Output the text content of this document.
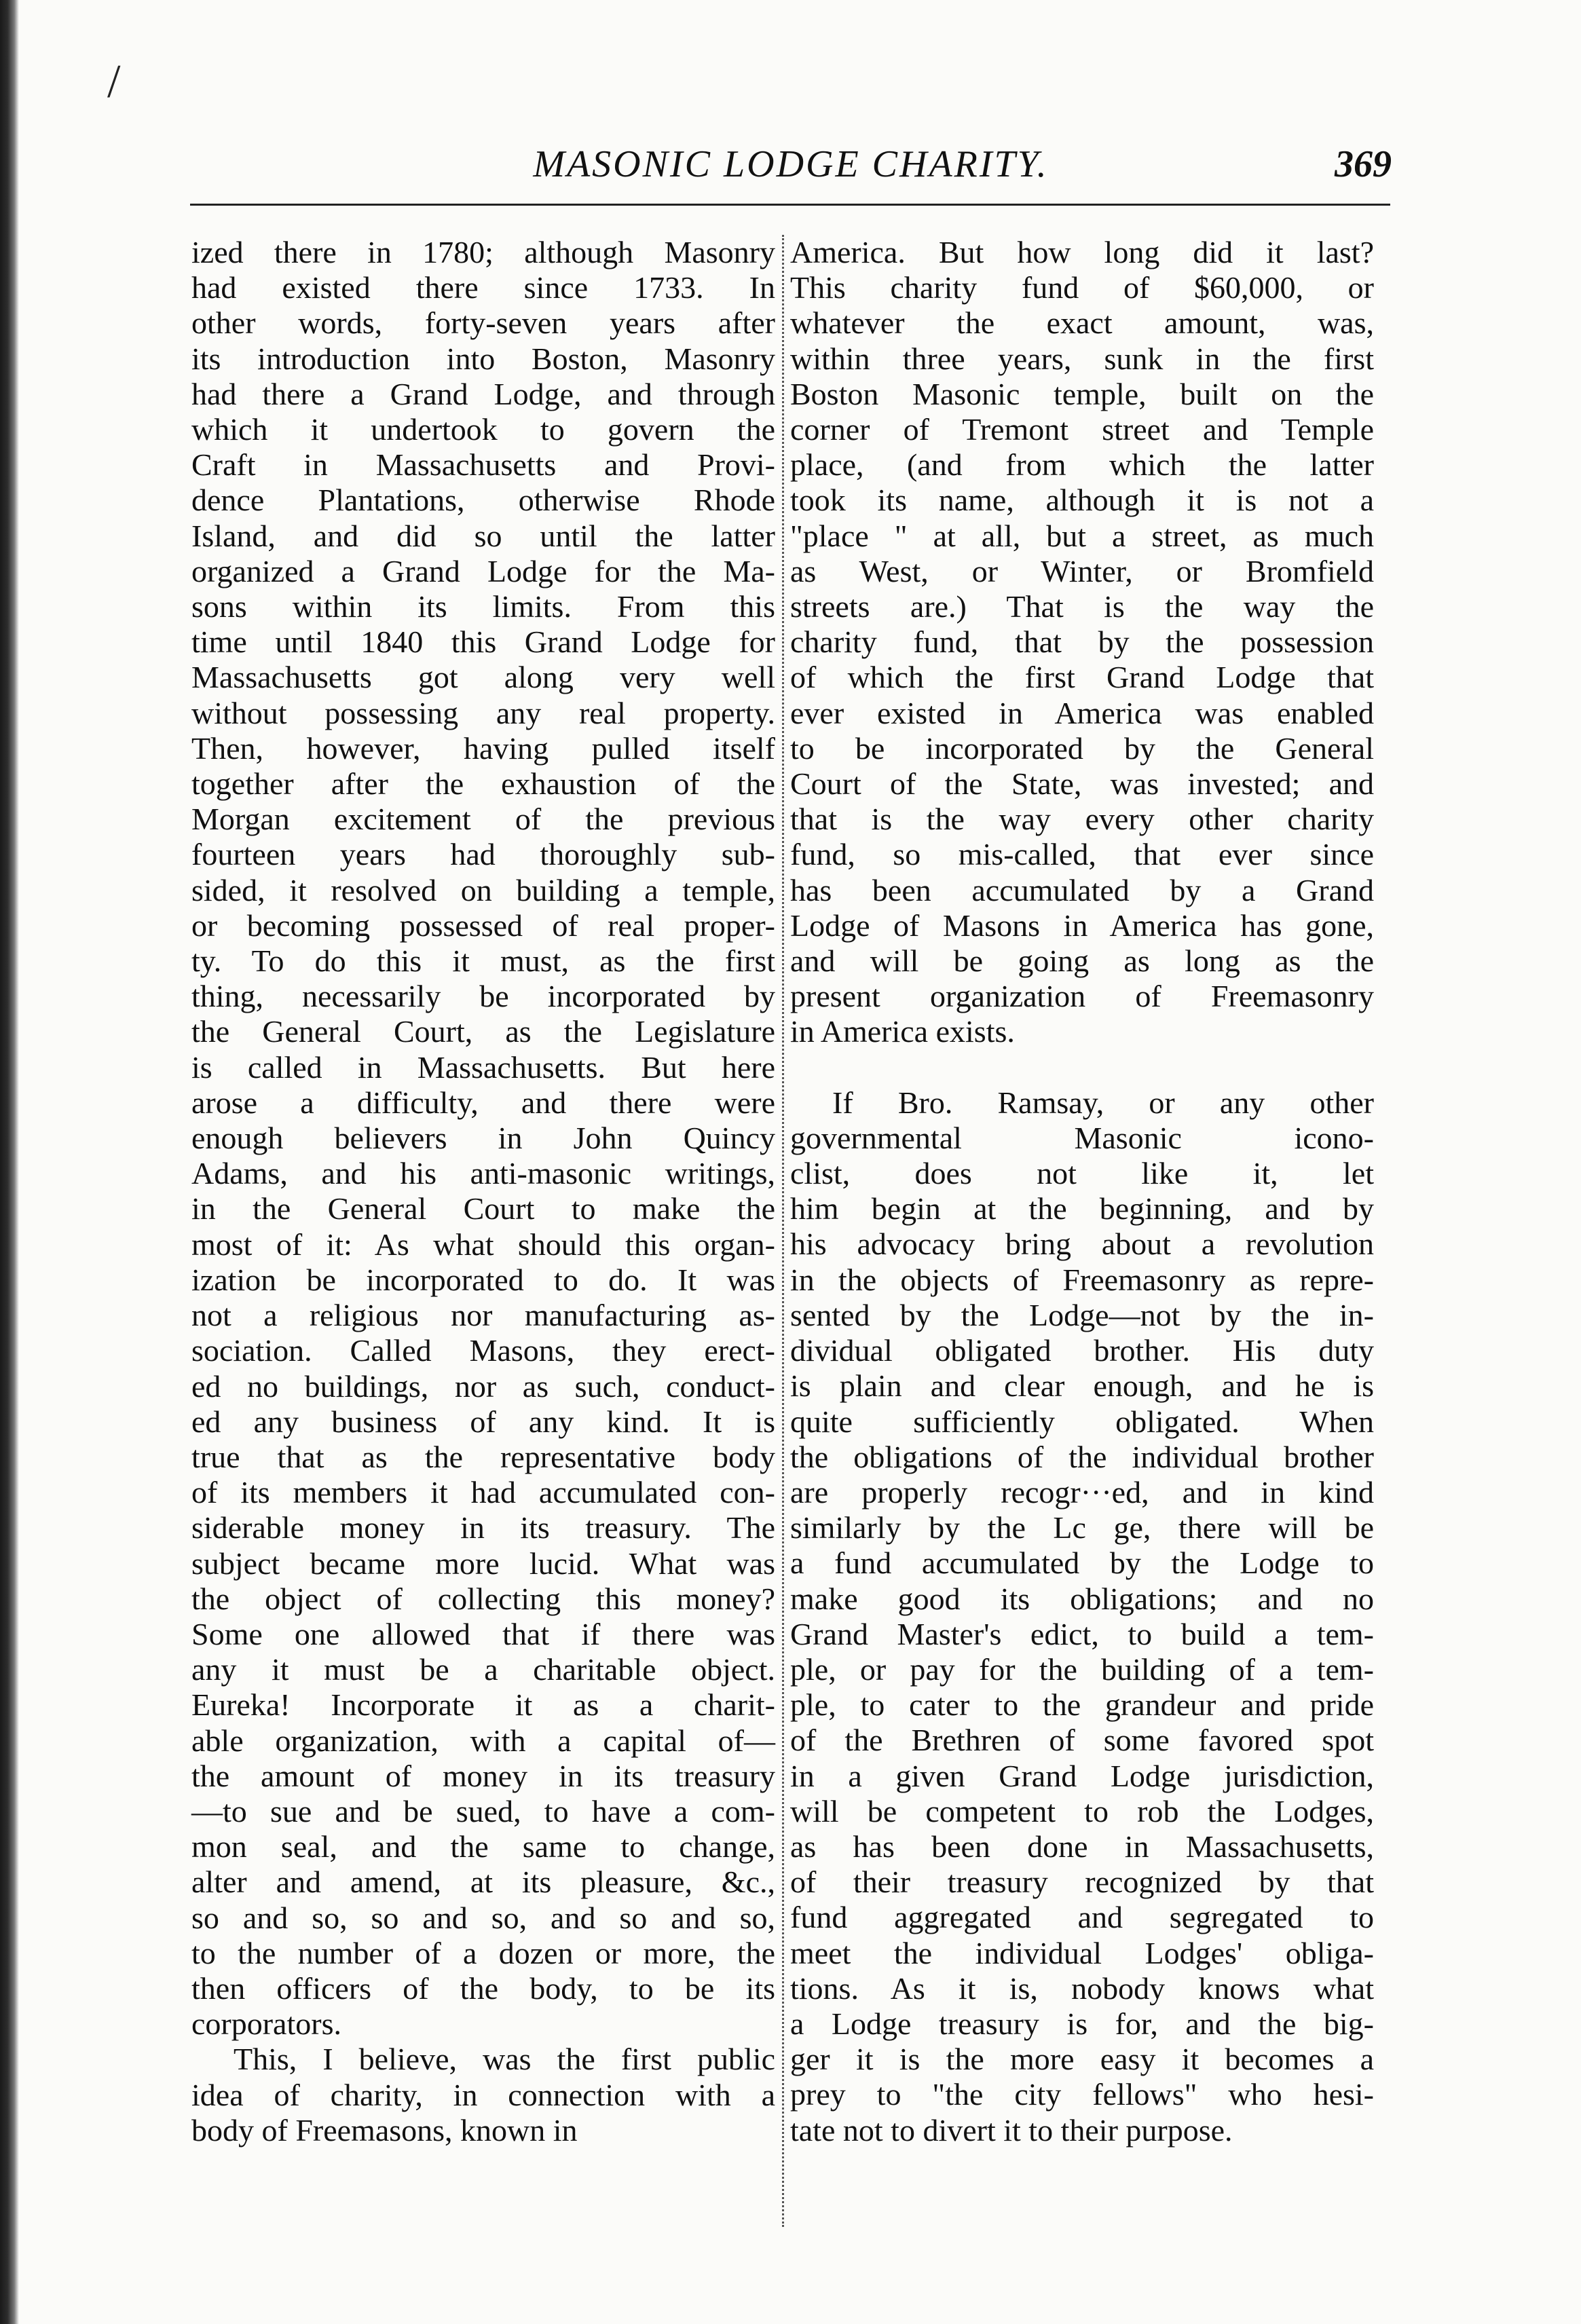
/
MASONIC LODGE CHARITY.	369

ized there in 1780; although Masonry

had existed there since 1733. In

other words, forty-seven years after

its introduction into Boston, Masonry

had there a Grand Lodge, and through

which it undertook to govern the

Craft in Massachusetts and Provi-

dence Plantations, otherwise Rhode

Island, and did so until the latter

organized a Grand Lodge for the Ma-

sons within its limits. From this

time until 1840 this Grand Lodge for

Massachusetts got along very well

without possessing any real property.

Then, however, having pulled itself

together after the exhaustion of the

Morgan excitement of the previous

fourteen years had thoroughly sub-

sided, it resolved on building a temple,

or becoming possessed of real proper-

ty. To do this it must, as the first

thing, necessarily be incorporated by

the General Court, as the Legislature

is called in Massachusetts. But here

arose a difficulty, and there were

enough believers in John Quincy

Adams, and his anti-masonic writings,

in the General Court to make the

most of it: As what should this organ-

ization be incorporated to do. It was

not a religious nor manufacturing as-

sociation. Called Masons, they erect-

ed no buildings, nor as such, conduct-

ed any business of any kind. It is

true that as the representative body

of its members it had accumulated con-

siderable money in its treasury. The

subject became more lucid. What was

the object of collecting this money?

Some one allowed that if there was

any it must be a charitable object.

Eureka! Incorporate it as a charit-

able organization, with a capital of—

the amount of money in its treasury

—to sue and be sued, to have a com-

mon seal, and the same to change,

alter and amend, at its pleasure, &c.,

so and so, so and so, and so and so,

to the number of a dozen or more, the

then officers of the body, to be its

corporators.

This, I believe, was the first public

idea of charity, in connection with a

body of Freemasons, known in

America. But how long did it last?

This charity fund of $60,000, or

whatever the exact amount, was,

within three years, sunk in the first

Boston Masonic temple, built on the

corner of Tremont street and Temple

place, (and from which the latter

took its name, although it is not a

"place " at all, but a street, as much

as West, or Winter, or Bromfield

streets are.) That is the way the

charity fund, that by the possession

of which the first Grand Lodge that

ever existed in America was enabled

to be incorporated by the General

Court of the State, was invested; and

that is the way every other charity

fund, so mis-called, that ever since

has been accumulated by a Grand

Lodge of Masons in America has gone,

and will be going as long as the

present organization of Freemasonry

in America exists.

If Bro. Ramsay, or any other

governmental Masonic icono-

clist, does not like it, let

him begin at the beginning, and by

his advocacy bring about a revolution

in the objects of Freemasonry as repre-

sented by the Lodge—not by the in-

dividual obligated brother. His duty

is plain and clear enough, and he is

quite sufficiently obligated. When

the obligations of the individual brother

are properly recogr···ed, and in kind

similarly by the Lc ge, there will be

a fund accumulated by the Lodge to

make good its obligations; and no

Grand Master's edict, to build a tem-

ple, or pay for the building of a tem-

ple, to cater to the grandeur and pride

of the Brethren of some favored spot

in a given Grand Lodge jurisdiction,

will be competent to rob the Lodges,

as has been done in Massachusetts,

of their treasury recognized by that

fund aggregated and segregated to

meet the individual Lodges' obliga-

tions. As it is, nobody knows what

a Lodge treasury is for, and the big-

ger it is the more easy it becomes a

prey to "the city fellows" who hesi-

tate not to divert it to their purpose.
